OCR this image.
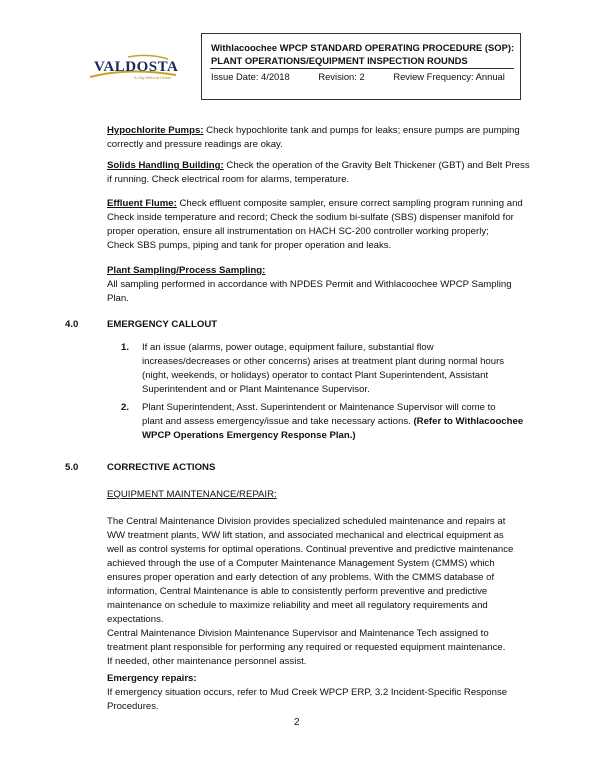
VALDOSTA
A City Without Limits
Withlacoochee WPCP STANDARD OPERATING PROCEDURE (SOP):
PLANT OPERATIONS/EQUIPMENT INSPECTION ROUNDS
Issue Date: 4/2018	Revision: 2	Review Frequency: Annual
Hypochlorite Pumps: Check hypochlorite tank and pumps for leaks; ensure pumps are pumping
correctly and pressure readings are okay.
Solids Handling Building: Check the operation of the Gravity Belt Thickener (GBT) and Belt Press
if running. Check electrical room for alarms, temperature.
Effluent Flume: Check effluent composite sampler, ensure correct sampling program running and
Check inside temperature and record; Check the sodium bi-sulfate (SBS) dispenser manifold for
proper operation, ensure all instrumentation on HACH SC-200 controller working properly;
Check SBS pumps, piping and tank for proper operation and leaks.
Plant Sampling/Process Sampling:
All sampling performed in accordance with NPDES Permit and Withlacoochee WPCP Sampling
Plan.
4.0	EMERGENCY CALLOUT
1. If an issue (alarms, power outage, equipment failure, substantial flow
increases/decreases or other concerns) arises at treatment plant during normal hours
(night, weekends, or holidays) operator to contact Plant Superintendent, Assistant
Superintendent and or Plant Maintenance Supervisor.
2. Plant Superintendent, Asst. Superintendent or Maintenance Supervisor will come to
plant and assess emergency/issue and take necessary actions. (Refer to Withlacoochee
WPCP Operations Emergency Response Plan.)
5.0	CORRECTIVE ACTIONS
EQUIPMENT MAINTENANCE/REPAIR:
The Central Maintenance Division provides specialized scheduled maintenance and repairs at
WW treatment plants, WW lift station, and associated mechanical and electrical equipment as
well as control systems for optimal operations. Continual preventive and predictive maintenance
achieved through the use of a Computer Maintenance Management System (CMMS) which
ensures proper operation and early detection of any problems. With the CMMS database of
information, Central Maintenance is able to consistently perform preventive and predictive
maintenance on schedule to maximize reliability and meet all regulatory requirements and
expectations.
Central Maintenance Division Maintenance Supervisor and Maintenance Tech assigned to
treatment plant responsible for performing any required or requested equipment maintenance.
If needed, other maintenance personnel assist.
Emergency repairs:
If emergency situation occurs, refer to Mud Creek WPCP ERP, 3.2 Incident-Specific Response
Procedures.
2
